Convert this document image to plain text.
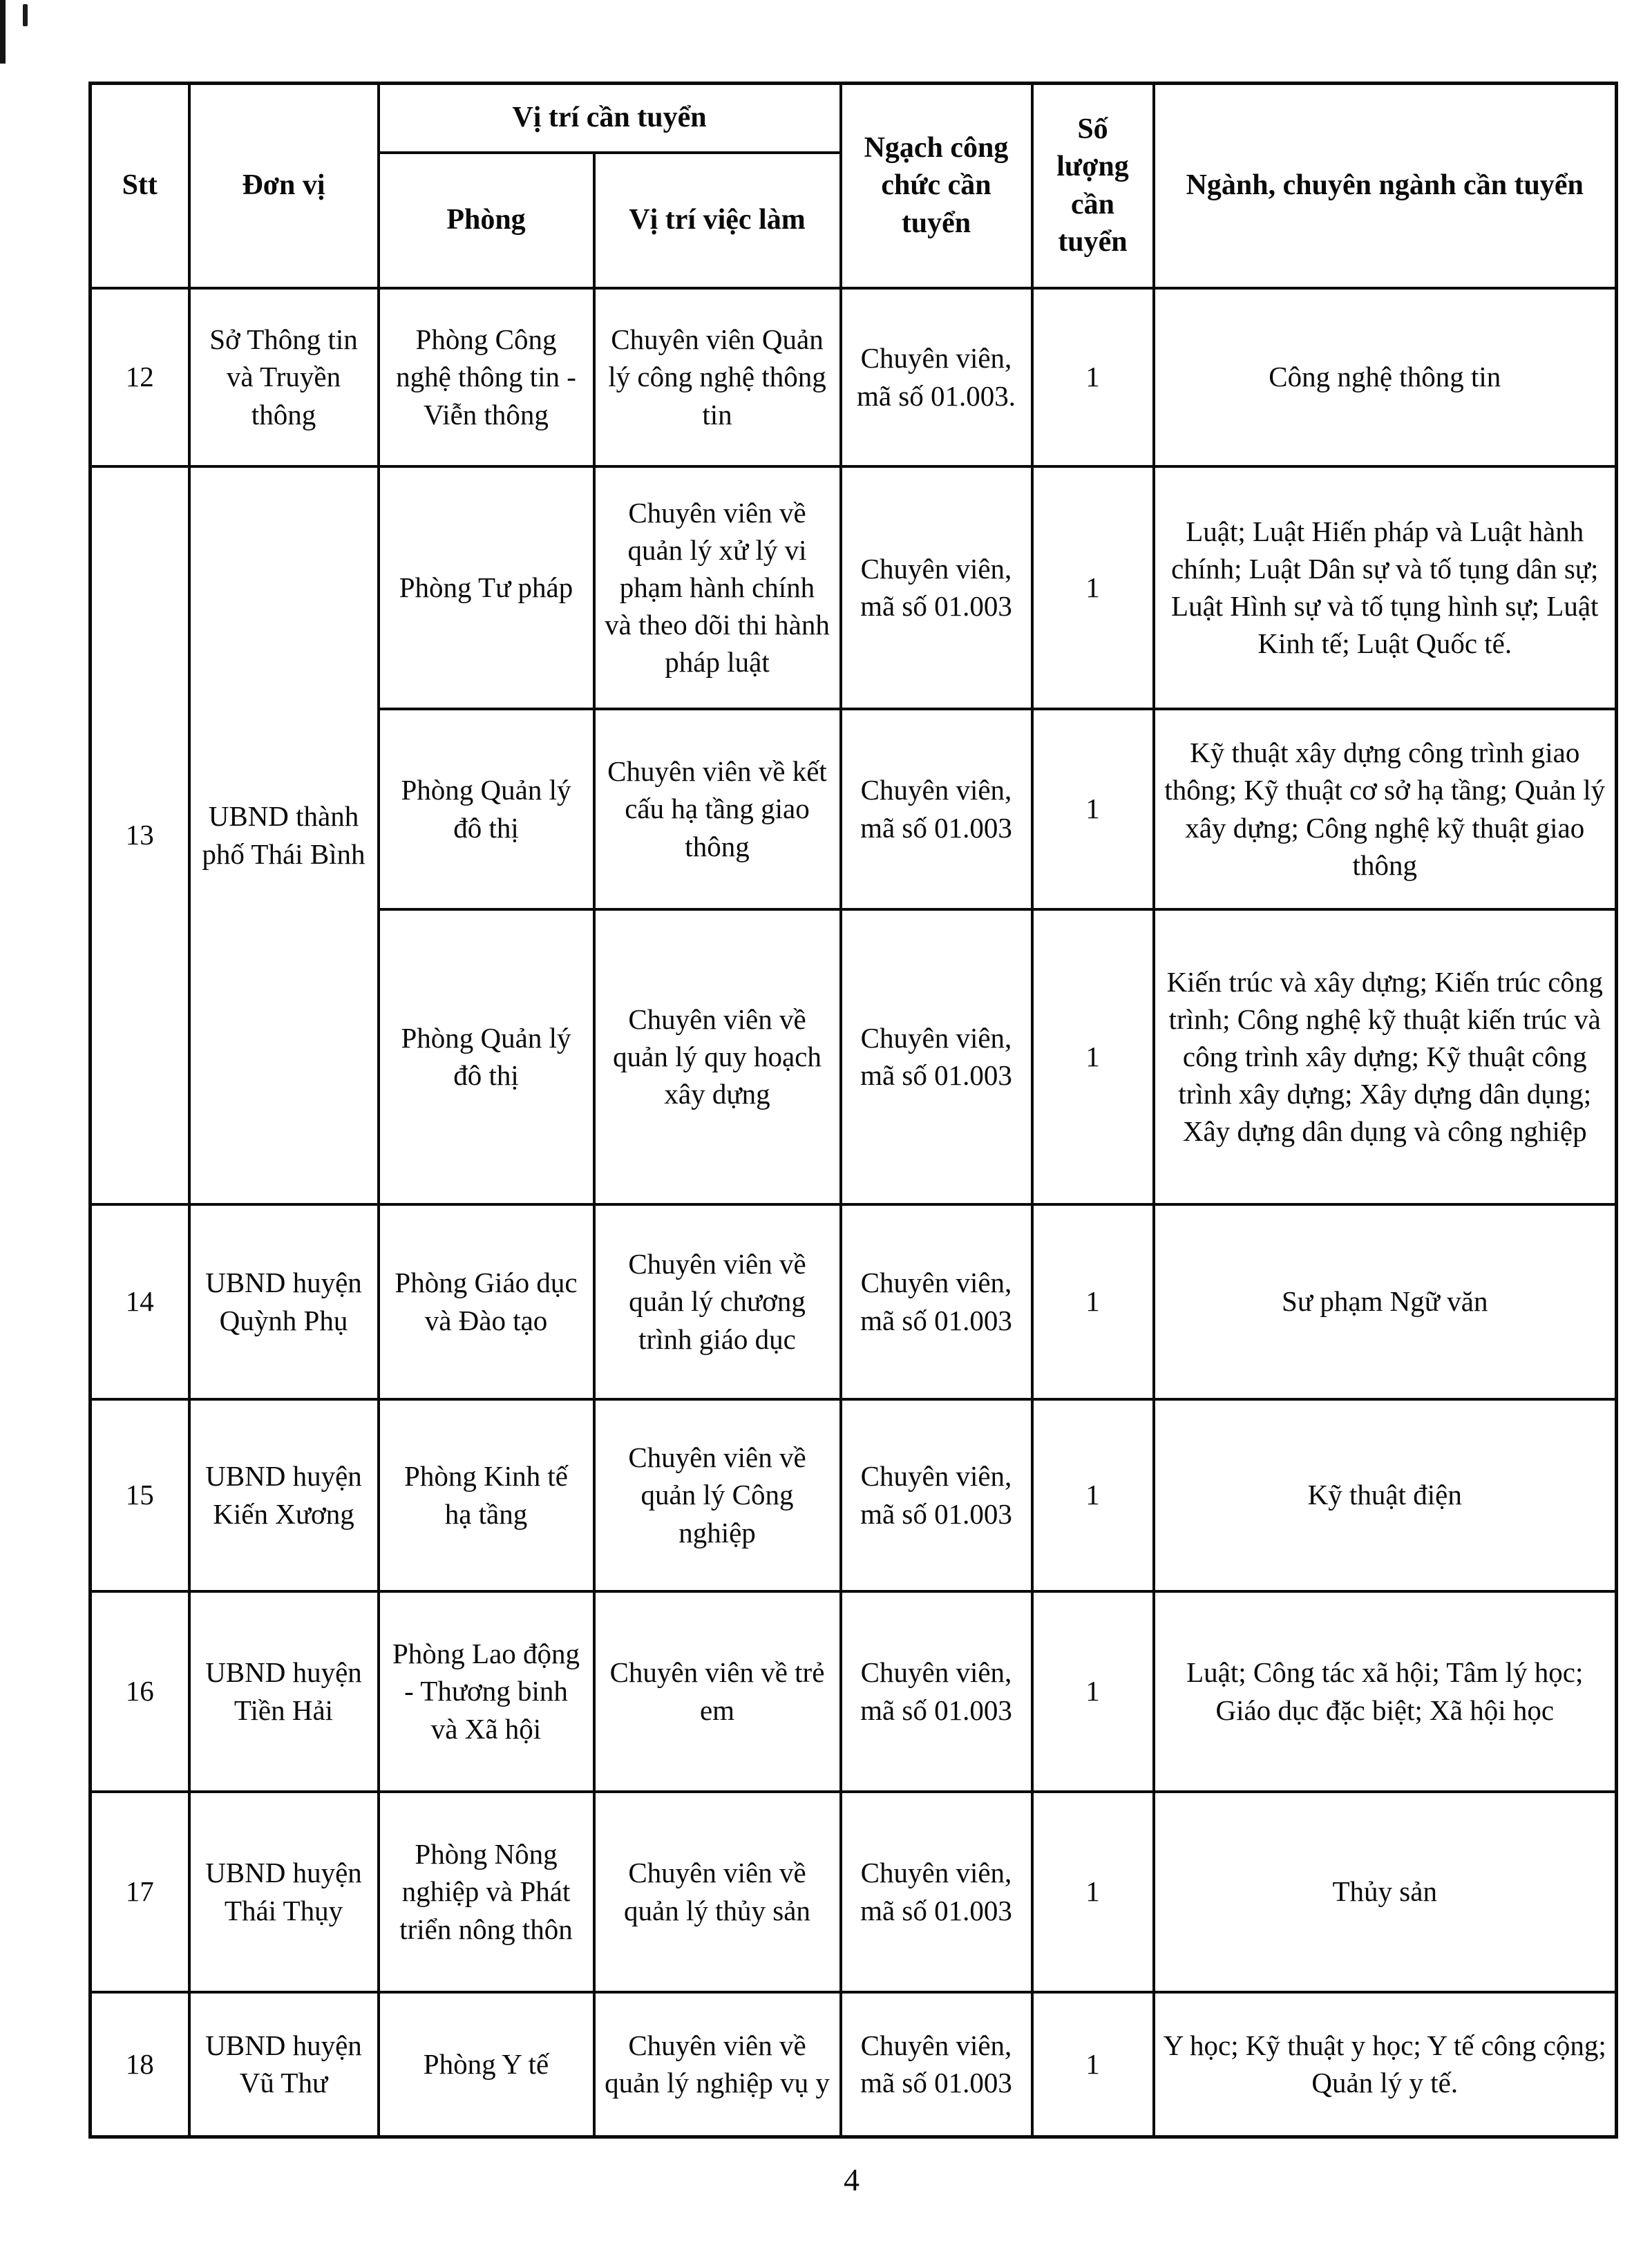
Stt	Đơn vị	Vị trí cần tuyển		Ngạch công chức cần tuyển	Số lượng cần tuyển	Ngành, chuyên ngành cần tuyển
		Phòng	Vị trí việc làm			
12	Sở Thông tin và Truyền thông	Phòng Công nghệ thông tin - Viễn thông	Chuyên viên Quản lý công nghệ thông tin	Chuyên viên, mã số 01.003.	1	Công nghệ thông tin
13	UBND thành phố Thái Bình	Phòng Tư pháp	Chuyên viên về quản lý xử lý vi phạm hành chính và theo dõi thi hành pháp luật	Chuyên viên, mã số 01.003	1	Luật; Luật Hiến pháp và Luật hành chính; Luật Dân sự và tố tụng dân sự; Luật Hình sự và tố tụng hình sự; Luật Kinh tế; Luật Quốc tế.
		Phòng Quản lý đô thị	Chuyên viên về kết cấu hạ tầng giao thông	Chuyên viên, mã số 01.003	1	Kỹ thuật xây dựng công trình giao thông; Kỹ thuật cơ sở hạ tầng; Quản lý xây dựng; Công nghệ kỹ thuật giao thông
		Phòng Quản lý đô thị	Chuyên viên về quản lý quy hoạch xây dựng	Chuyên viên, mã số 01.003	1	Kiến trúc và xây dựng; Kiến trúc công trình; Công nghệ kỹ thuật kiến trúc và công trình xây dựng; Kỹ thuật công trình xây dựng; Xây dựng dân dụng; Xây dựng dân dụng và công nghiệp
14	UBND huyện Quỳnh Phụ	Phòng Giáo dục và Đào tạo	Chuyên viên về quản lý chương trình giáo dục	Chuyên viên, mã số 01.003	1	Sư phạm Ngữ văn
15	UBND huyện Kiến Xương	Phòng Kinh tế hạ tầng	Chuyên viên về quản lý Công nghiệp	Chuyên viên, mã số 01.003	1	Kỹ thuật điện
16	UBND huyện Tiền Hải	Phòng Lao động - Thương binh và Xã hội	Chuyên viên về trẻ em	Chuyên viên, mã số 01.003	1	Luật; Công tác xã hội; Tâm lý học; Giáo dục đặc biệt; Xã hội học
17	UBND huyện Thái Thụy	Phòng Nông nghiệp và Phát triển nông thôn	Chuyên viên về quản lý thủy sản	Chuyên viên, mã số 01.003	1	Thủy sản
18	UBND huyện Vũ Thư	Phòng Y tế	Chuyên viên về quản lý nghiệp vụ y	Chuyên viên, mã số 01.003	1	Y học; Kỹ thuật y học; Y tế công cộng; Quản lý y tế.
4
